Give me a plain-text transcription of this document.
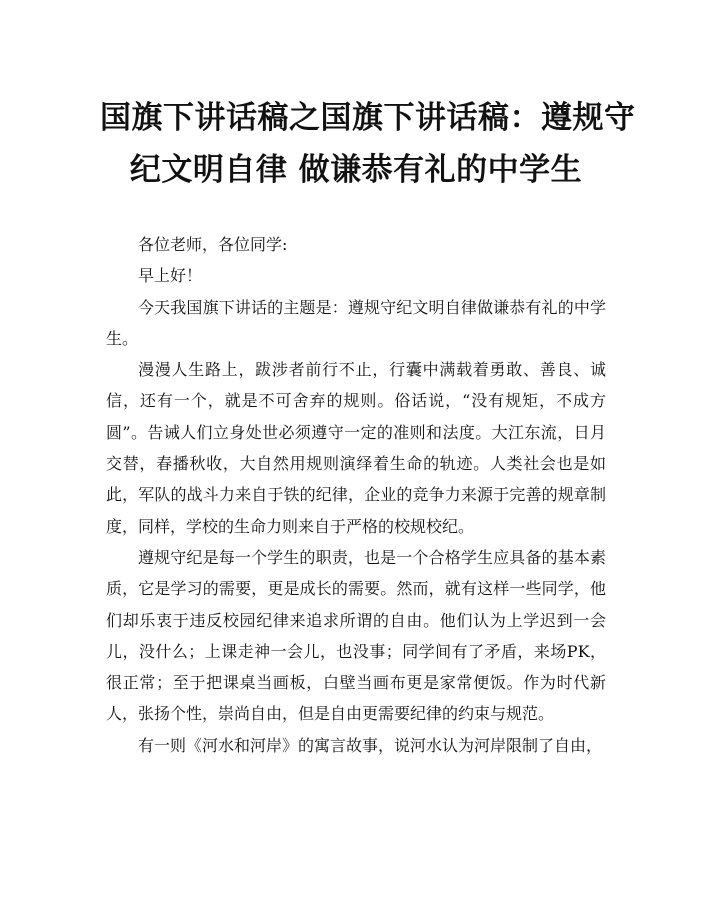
国旗下讲话稿之国旗下讲话稿：遵规守
纪文明自律 做谦恭有礼的中学生

各位老师，各位同学:

早上好！

今天我国旗下讲话的主题是：遵规守纪文明自律做谦恭有礼的中学生。

漫漫人生路上，跋涉者前行不止，行囊中满载着勇敢、善良、诚信，还有一个，就是不可舍弃的规则。俗话说，“没有规矩，不成方圆”。告诫人们立身处世必须遵守一定的准则和法度。大江东流，日月交替，春播秋收，大自然用规则演绎着生命的轨迹。人类社会也是如此，军队的战斗力来自于铁的纪律，企业的竞争力来源于完善的规章制度，同样，学校的生命力则来自于严格的校规校纪。

遵规守纪是每一个学生的职责，也是一个合格学生应具备的基本素质，它是学习的需要，更是成长的需要。然而，就有这样一些同学，他们却乐衷于违反校园纪律来追求所谓的自由。他们认为上学迟到一会儿，没什么；上课走神一会儿，也没事；同学间有了矛盾，来场PK，很正常；至于把课桌当画板，白壁当画布更是家常便饭。作为时代新人，张扬个性，崇尚自由，但是自由更需要纪律的约束与规范。

有一则《河水和河岸》的寓言故事，说河水认为河岸限制了自由，
